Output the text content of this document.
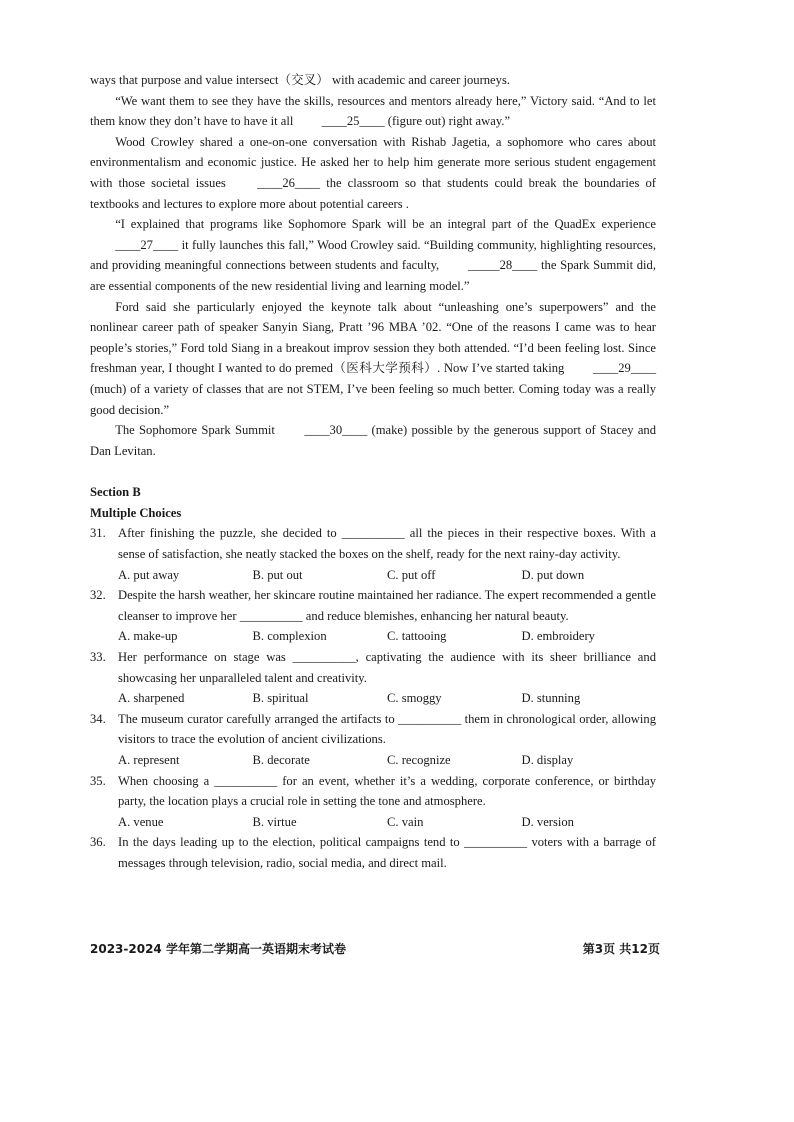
ways that purpose and value intersect（交叉） with academic and career journeys.

“We want them to see they have the skills, resources and mentors already here,” Victory said. “And to let them know they don’t have to have it all ____25____ (figure out) right away.”

Wood Crowley shared a one-on-one conversation with Rishab Jagetia, a sophomore who cares about environmentalism and economic justice. He asked her to help him generate more serious student engagement with those societal issues ____26____ the classroom so that students could break the boundaries of textbooks and lectures to explore more about potential careers .

“I explained that programs like Sophomore Spark will be an integral part of the QuadEx experience ____27____ it fully launches this fall,” Wood Crowley said. “Building community, highlighting resources, and providing meaningful connections between students and faculty, _____28____ the Spark Summit did, are essential components of the new residential living and learning model.”

Ford said she particularly enjoyed the keynote talk about “unleashing one’s superpowers” and the nonlinear career path of speaker Sanyin Siang, Pratt ’96 MBA ’02. “One of the reasons I came was to hear people’s stories,” Ford told Siang in a breakout improv session they both attended. “I’d been feeling lost. Since freshman year, I thought I wanted to do premed（医科大学预科）. Now I’ve started taking ____29____ (much) of a variety of classes that are not STEM, I’ve been feeling so much better. Coming today was a really good decision.”

The Sophomore Spark Summit ____30____ (make) possible by the generous support of Stacey and Dan Levitan.

Section B
Multiple Choices
31. After finishing the puzzle, she decided to __________ all the pieces in their respective boxes. With a sense of satisfaction, she neatly stacked the boxes on the shelf, ready for the next rainy-day activity.
A. put away	B. put out	C. put off	D. put down
32. Despite the harsh weather, her skincare routine maintained her radiance. The expert recommended a gentle cleanser to improve her __________ and reduce blemishes, enhancing her natural beauty.
A. make-up	B. complexion	C. tattooing	D. embroidery
33. Her performance on stage was __________, captivating the audience with its sheer brilliance and showcasing her unparalleled talent and creativity.
A. sharpened	B. spiritual	C. smoggy	D. stunning
34. The museum curator carefully arranged the artifacts to __________ them in chronological order, allowing visitors to trace the evolution of ancient civilizations.
A. represent	B. decorate	C. recognize	D. display
35. When choosing a __________ for an event, whether it’s a wedding, corporate conference, or birthday party, the location plays a crucial role in setting the tone and atmosphere.
A. venue	B. virtue	C. vain	D. version
36. In the days leading up to the election, political campaigns tend to __________ voters with a barrage of messages through television, radio, social media, and direct mail.
2023-2024 学年第二学期高一英语期末考试卷	第3页 共12页
